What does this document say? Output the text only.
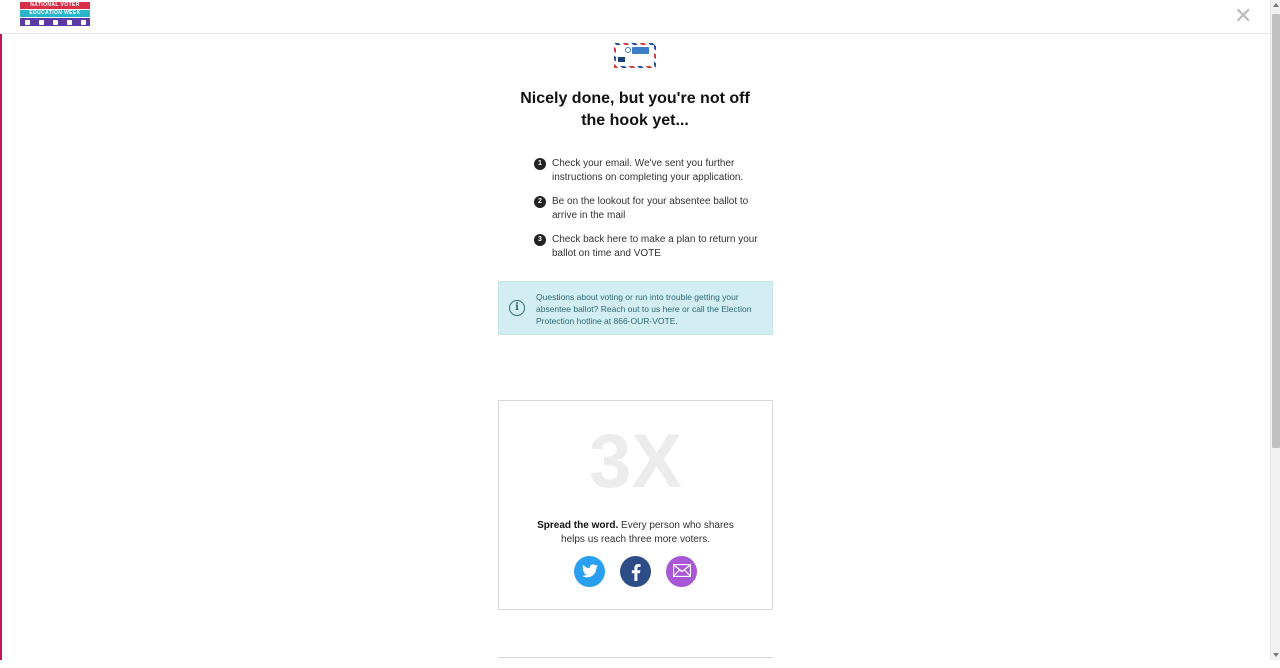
NATIONAL VOTER
EDUCATION WEEK	✕
Nicely done, but you're not off the hook yet...
1	Check your email. We've sent you further instructions on completing your application.
2	Be on the lookout for your absentee ballot to arrive in the mail
3	Check back here to make a plan to return your ballot on time and VOTE
i
Questions about voting or run into trouble getting your absentee ballot? Reach out to us here or call the Election Protection hotline at 866-OUR-VOTE.
3X
Spread the word. Every person who shares helps us reach three more voters.
